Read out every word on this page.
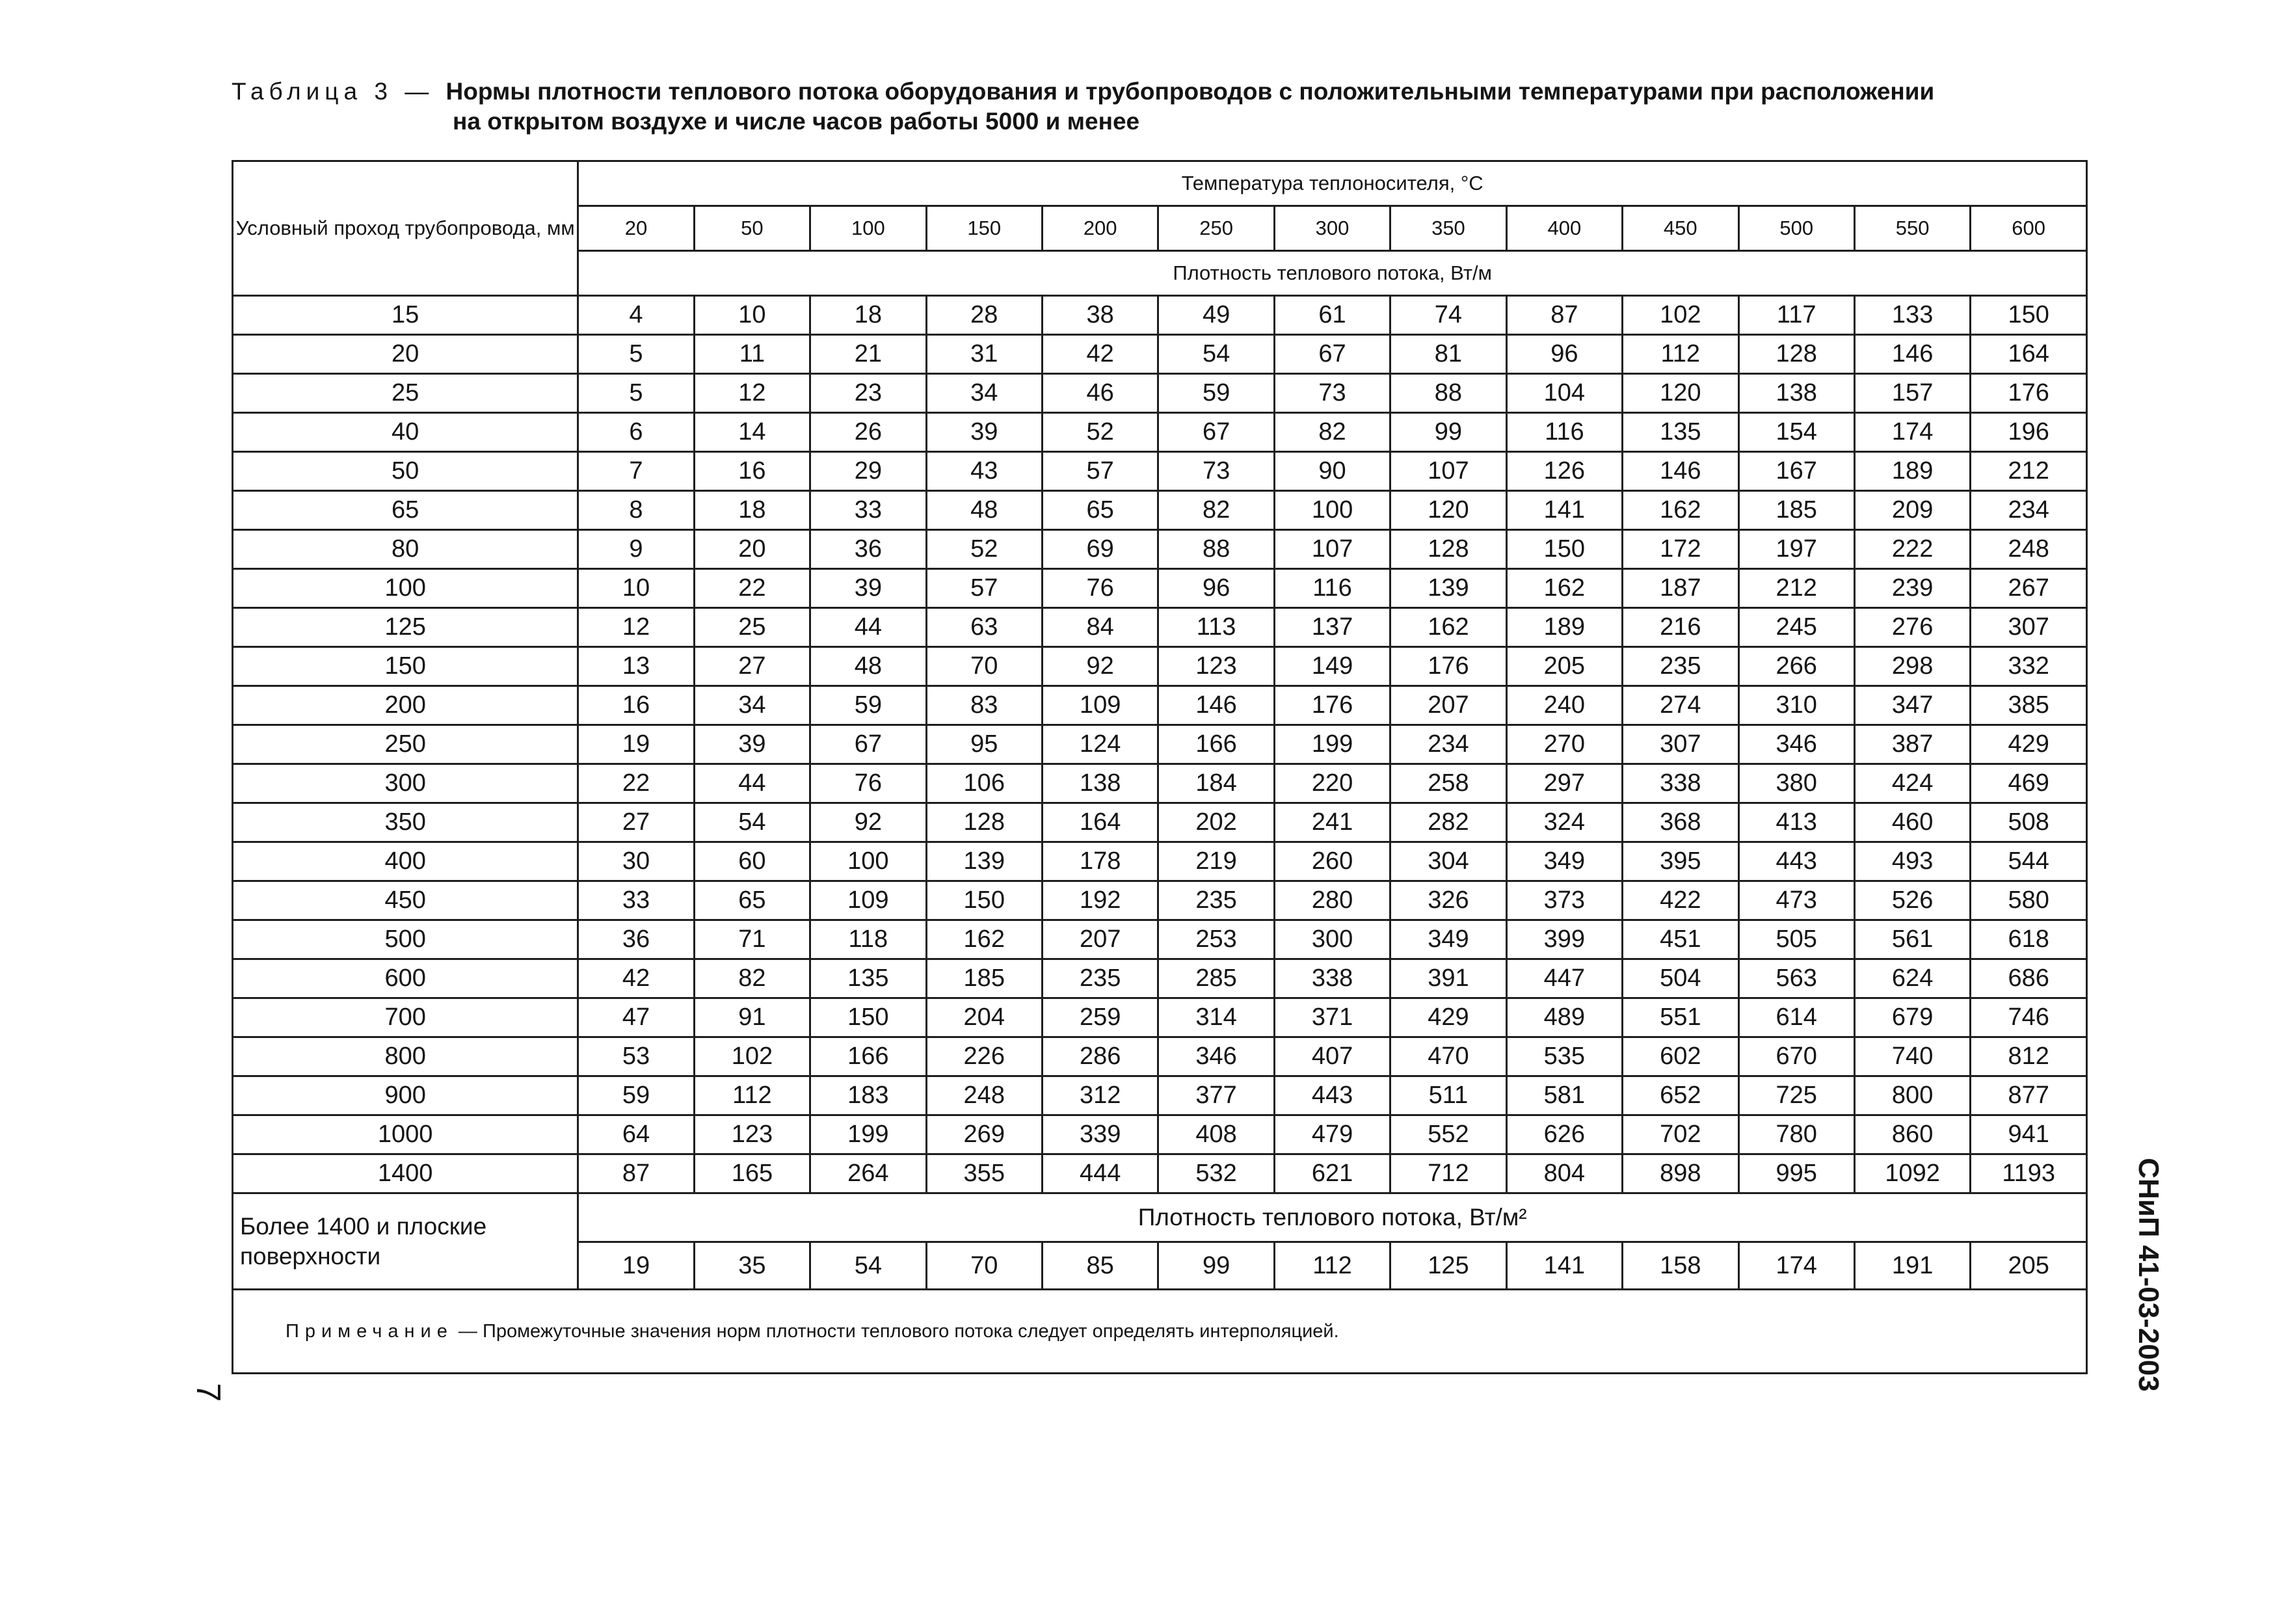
Таблица 3 — Нормы плотности теплового потока оборудования и трубопроводов с положительными температурами при расположении
на открытом воздухе и числе часов работы 5000 и менее
Условный проход трубопровода, мм	Температура теплоносителя, °С												
	20	50	100	150	200	250	300	350	400	450	500	550	600
	Плотность теплового потока, Вт/м												
15	4	10	18	28	38	49	61	74	87	102	117	133	150
20	5	11	21	31	42	54	67	81	96	112	128	146	164
25	5	12	23	34	46	59	73	88	104	120	138	157	176
40	6	14	26	39	52	67	82	99	116	135	154	174	196
50	7	16	29	43	57	73	90	107	126	146	167	189	212
65	8	18	33	48	65	82	100	120	141	162	185	209	234
80	9	20	36	52	69	88	107	128	150	172	197	222	248
100	10	22	39	57	76	96	116	139	162	187	212	239	267
125	12	25	44	63	84	113	137	162	189	216	245	276	307
150	13	27	48	70	92	123	149	176	205	235	266	298	332
200	16	34	59	83	109	146	176	207	240	274	310	347	385
250	19	39	67	95	124	166	199	234	270	307	346	387	429
300	22	44	76	106	138	184	220	258	297	338	380	424	469
350	27	54	92	128	164	202	241	282	324	368	413	460	508
400	30	60	100	139	178	219	260	304	349	395	443	493	544
450	33	65	109	150	192	235	280	326	373	422	473	526	580
500	36	71	118	162	207	253	300	349	399	451	505	561	618
600	42	82	135	185	235	285	338	391	447	504	563	624	686
700	47	91	150	204	259	314	371	429	489	551	614	679	746
800	53	102	166	226	286	346	407	470	535	602	670	740	812
900	59	112	183	248	312	377	443	511	581	652	725	800	877
1000	64	123	199	269	339	408	479	552	626	702	780	860	941
1400	87	165	264	355	444	532	621	712	804	898	995	1092	1193
Более 1400 и плоские поверхности	Плотность теплового потока, Вт/м²												
	19	35	54	70	85	99	112	125	141	158	174	191	205
Примечание — Промежуточные значения норм плотности теплового потока следует определять интерполяцией.														СНиП 41-03-2003
7
